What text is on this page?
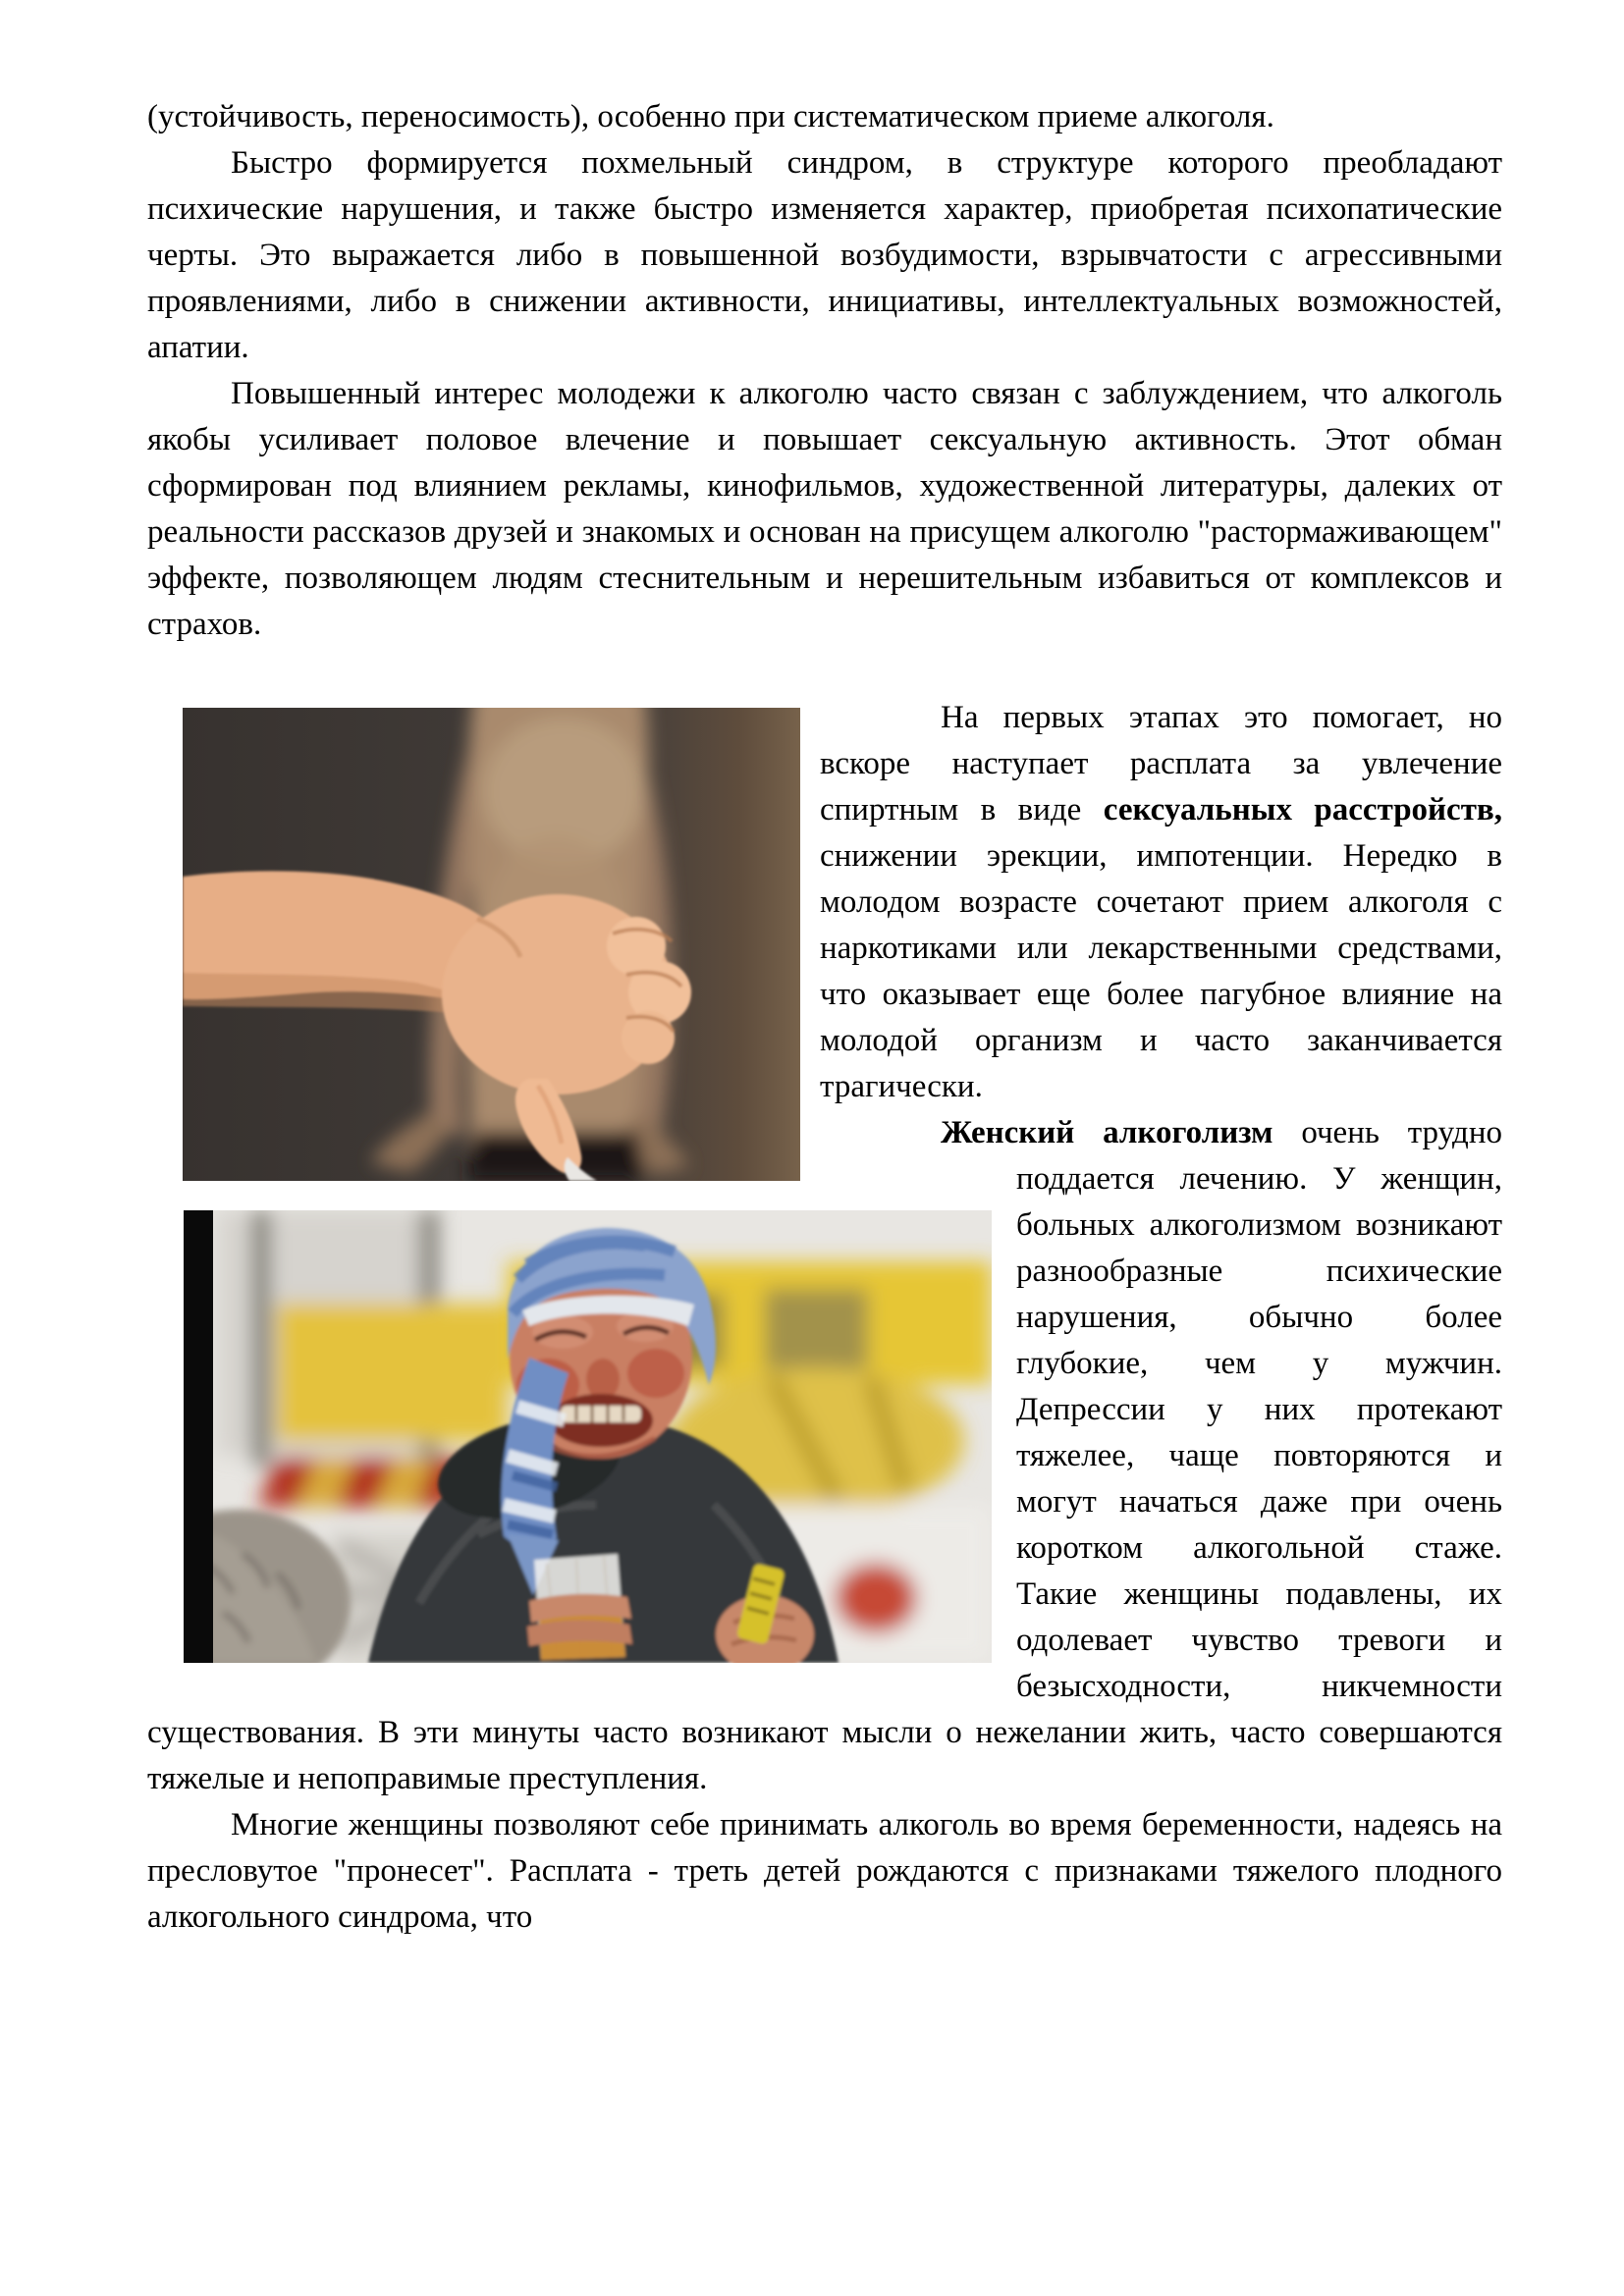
(устойчивость, переносимость), особенно при систематическом приеме алкоголя.

Быстро формируется похмельный синдром, в структуре которого преобладают психические нарушения, и также быстро изменяется характер, приобретая психопатические черты. Это выражается либо в повышенной возбудимости, взрывчатости с агрессивными проявлениями, либо в снижении активности, инициативы, интеллектуальных возможностей, апатии.

Повышенный интерес молодежи к алкоголю часто связан с заблуждением, что алкоголь якобы усиливает половое влечение и повышает сексуальную активность. Этот обман сформирован под влиянием рекламы, кинофильмов, художественной литературы, далеких от реальности рассказов друзей и знакомых и основан на присущем алкоголю "растормаживающем" эффекте, позволяющем людям стеснительным и нерешительным избавиться от комплексов и страхов.

На первых этапах это помогает, но вскоре наступает расплата за увлечение спиртным в виде сексуальных расстройств, снижении эрекции, импотенции. Нередко в молодом возрасте сочетают прием алкоголя с наркотиками или лекарственными средствами, что оказывает еще более пагубное влияние на молодой организм и часто заканчивается трагически.

Женский алкоголизм очень
трудно поддается лечению. У женщин, больных алкоголизмом возникают разнообразные психические нарушения, обычно более глубокие, чем у мужчин. Депрессии у них протекают тяжелее, чаще повторяются и могут начаться даже при очень коротком алкогольной стаже. Такие женщины подавлены, их одолевает чувство тревоги и безысходности, никчемности существования. В эти минуты часто возникают мысли о нежелании жить, часто совершаются тяжелые и непоправимые преступления.

Многие женщины позволяют себе принимать алкоголь во время беременности, надеясь на пресловутое "пронесет". Расплата - треть детей рождаются с признаками тяжелого плодного алкогольного синдрома, что
